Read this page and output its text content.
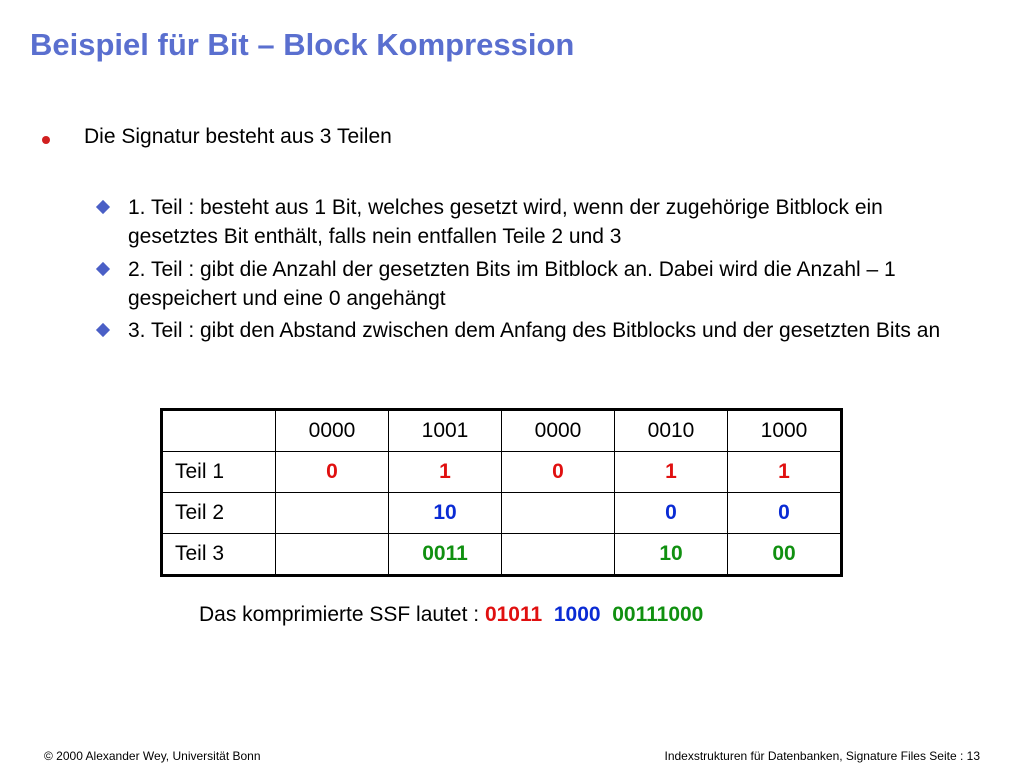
Beispiel für Bit – Block Kompression
Die Signatur besteht aus 3 Teilen
1. Teil : besteht aus 1 Bit, welches gesetzt wird, wenn der zugehörige Bitblock ein gesetztes Bit enthält, falls nein entfallen Teile 2 und 3
2. Teil : gibt die Anzahl der gesetzten Bits im Bitblock an. Dabei wird die Anzahl – 1 gespeichert und eine 0 angehängt
3. Teil : gibt den Abstand zwischen dem Anfang des Bitblocks und der gesetzten Bits an
	0000	1001	0000	0010	1000
Teil 1	0	1	0	1	1
Teil 2		10		0	0
Teil 3		0011		10	00
Das komprimierte SSF lautet : 01011 1000 00111000
© 2000 Alexander Wey, Universität Bonn	Indexstrukturen für Datenbanken, Signature Files Seite : 13
